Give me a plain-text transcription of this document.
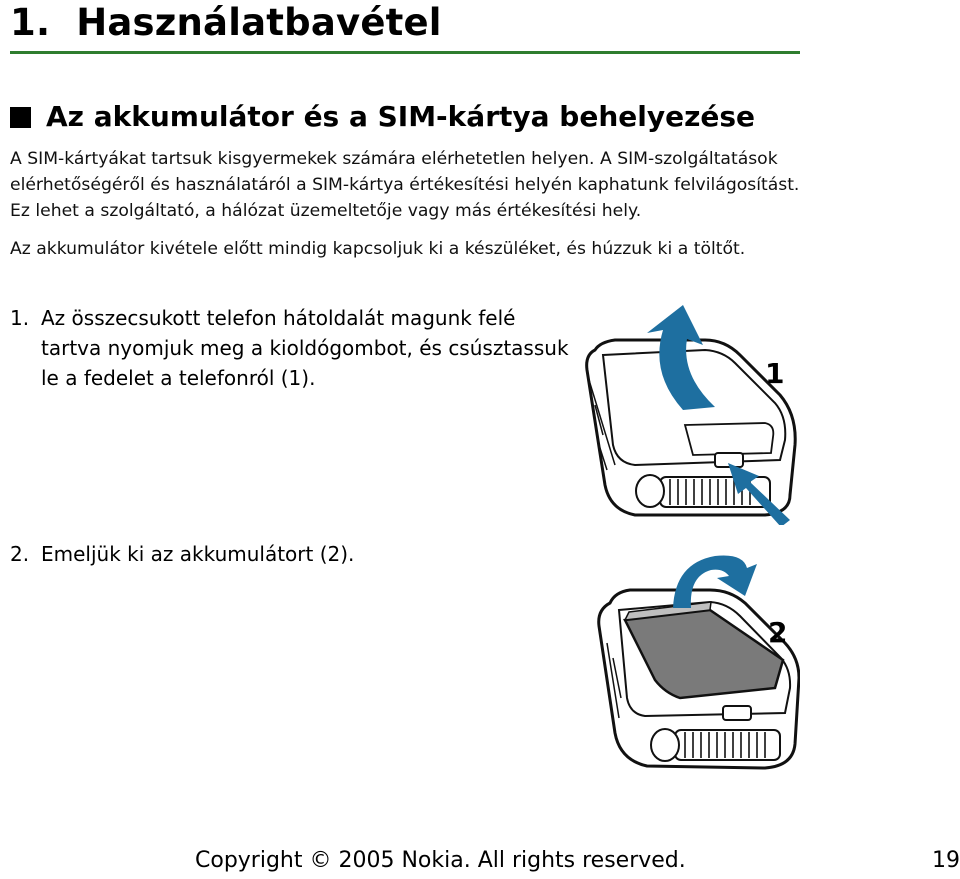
1. Használatbavétel
Az akkumulátor és a SIM-kártya behelyezése

A SIM-kártyákat tartsuk kisgyermekek számára elérhetetlen helyen. A SIM-szolgáltatások

elérhetőségéről és használatáról a SIM-kártya értékesítési helyén kaphatunk felvilágosítást.

Ez lehet a szolgáltató, a hálózat üzemeltetője vagy más értékesítési hely.

Az akkumulátor kivétele előtt mindig kapcsoljuk ki a készüléket, és húzzuk ki a töltőt.

1. Az összecsukott telefon hátoldalát magunk felé
tartva nyomjuk meg a kioldógombot, és csúsztassuk
le a fedelet a telefonról (1).
2. Emeljük ki az akkumulátort (2).
1
2
Copyright © 2005 Nokia. All rights reserved.	19
